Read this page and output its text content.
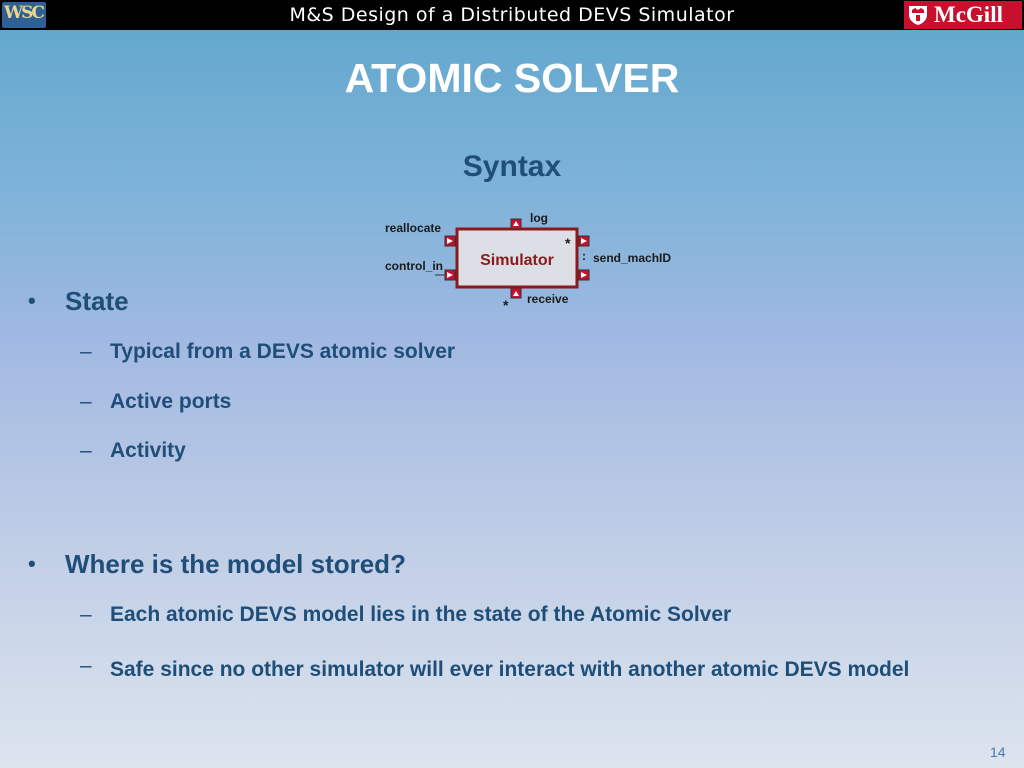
M&S Design of a Distributed DEVS Simulator
WSC	McGill
ATOMIC SOLVER
Syntax
Simulator
reallocate
control_in
log
receive
*
*
: send_machID
• State
– Typical from a DEVS atomic solver
– Active ports
– Activity
• Where is the model stored?
– Each atomic DEVS model lies in the state of the Atomic Solver
– Safe since no other simulator will ever interact with another atomic DEVS model
14
